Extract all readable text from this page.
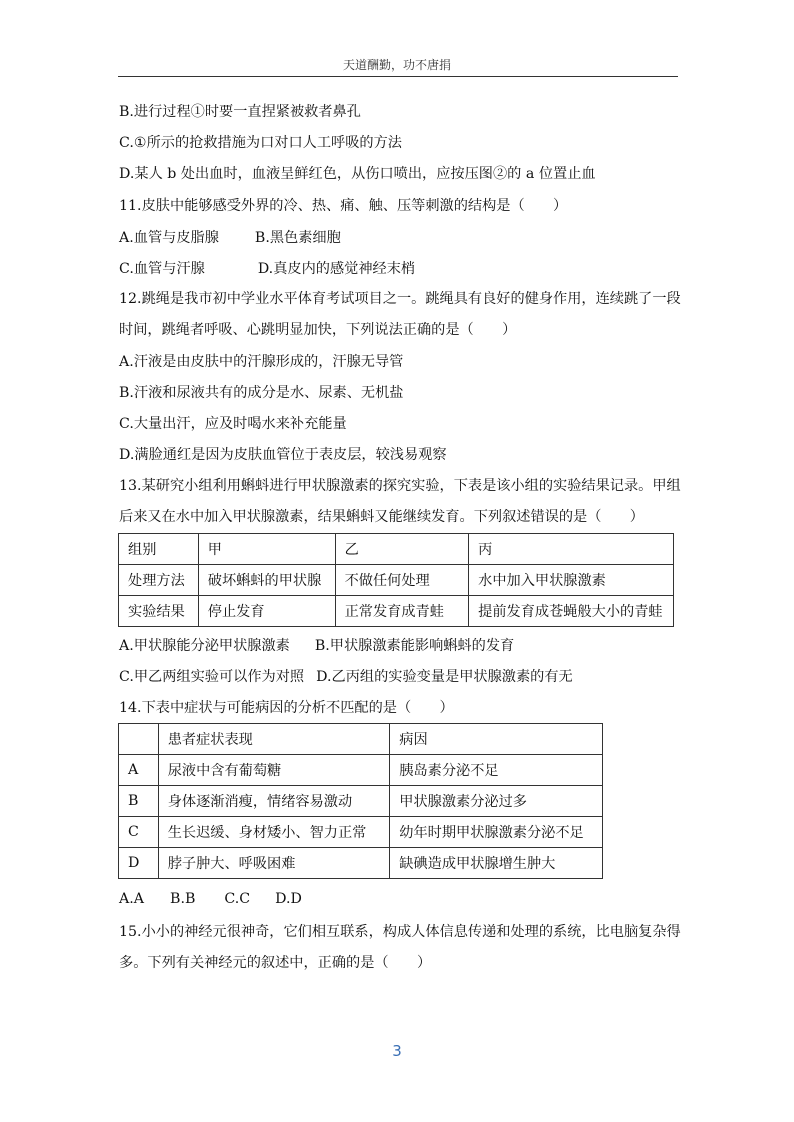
天道酬勤，功不唐捐
B.进行过程①时要一直捏紧被救者鼻孔
C.①所示的抢救措施为口对口人工呼吸的方法
D.某人 b 处出血时，血液呈鲜红色，从伤口喷出，应按压图②的 a 位置止血
11.皮肤中能够感受外界的冷、热、痛、触、压等刺激的结构是（　　）
A.血管与皮脂腺	B.黑色素细胞
C.血管与汗腺	D.真皮内的感觉神经末梢
12.跳绳是我市初中学业水平体育考试项目之一。跳绳具有良好的健身作用，连续跳了一段
时间，跳绳者呼吸、心跳明显加快，下列说法正确的是（　　）
A.汗液是由皮肤中的汗腺形成的，汗腺无导管
B.汗液和尿液共有的成分是水、尿素、无机盐
C.大量出汗，应及时喝水来补充能量
D.满脸通红是因为皮肤血管位于表皮层，较浅易观察
13.某研究小组利用蝌蚪进行甲状腺激素的探究实验，下表是该小组的实验结果记录。甲组
后来又在水中加入甲状腺激素，结果蝌蚪又能继续发育。下列叙述错误的是（　　）
组别	甲	乙	丙
处理方法	破坏蝌蚪的甲状腺	不做任何处理	水中加入甲状腺激素
实验结果	停止发育	正常发育成青蛙	提前发育成苍蝇般大小的青蛙
A.甲状腺能分泌甲状腺激素 B.甲状腺激素能影响蝌蚪的发育
C.甲乙两组实验可以作为对照 D.乙丙组的实验变量是甲状腺激素的有无
14.下表中症状与可能病因的分析不匹配的是（　　）
	患者症状表现	病因
A	尿液中含有葡萄糖	胰岛素分泌不足
B	身体逐渐消瘦，情绪容易激动	甲状腺激素分泌过多
C	生长迟缓、身材矮小、智力正常	幼年时期甲状腺激素分泌不足
D	脖子肿大、呼吸困难	缺碘造成甲状腺增生肿大
A.A B.B C.C D.D
15.小小的神经元很神奇，它们相互联系，构成人体信息传递和处理的系统，比电脑复杂得
多。下列有关神经元的叙述中，正确的是（　　）
3
